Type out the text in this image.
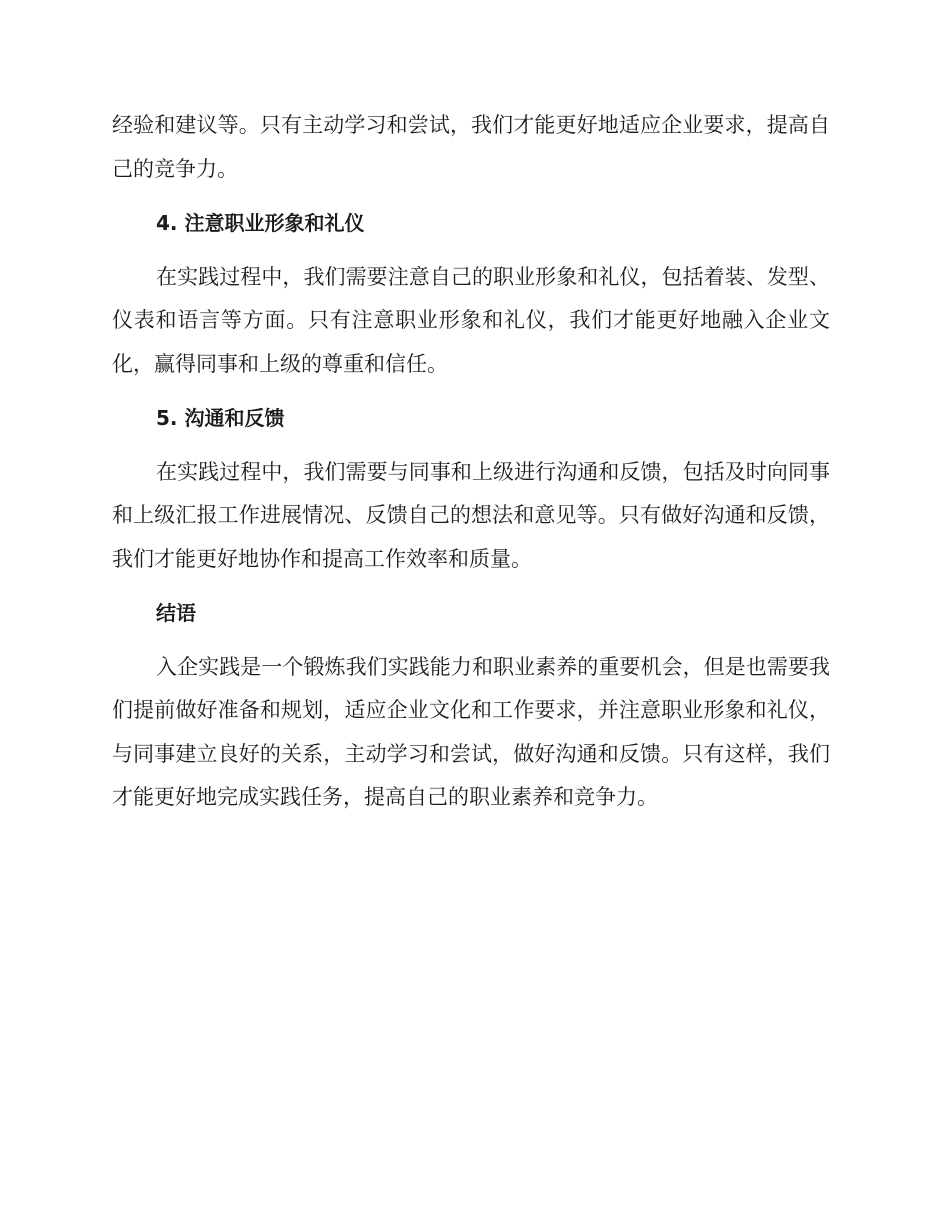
经验和建议等。只有主动学习和尝试，我们才能更好地适应企业要求，提高自己的竞争力。

4. 注意职业形象和礼仪

在实践过程中，我们需要注意自己的职业形象和礼仪，包括着装、发型、仪表和语言等方面。只有注意职业形象和礼仪，我们才能更好地融入企业文化，赢得同事和上级的尊重和信任。

5. 沟通和反馈

在实践过程中，我们需要与同事和上级进行沟通和反馈，包括及时向同事和上级汇报工作进展情况、反馈自己的想法和意见等。只有做好沟通和反馈，我们才能更好地协作和提高工作效率和质量。

结语

入企实践是一个锻炼我们实践能力和职业素养的重要机会，但是也需要我们提前做好准备和规划，适应企业文化和工作要求，并注意职业形象和礼仪，与同事建立良好的关系，主动学习和尝试，做好沟通和反馈。只有这样，我们才能更好地完成实践任务，提高自己的职业素养和竞争力。
